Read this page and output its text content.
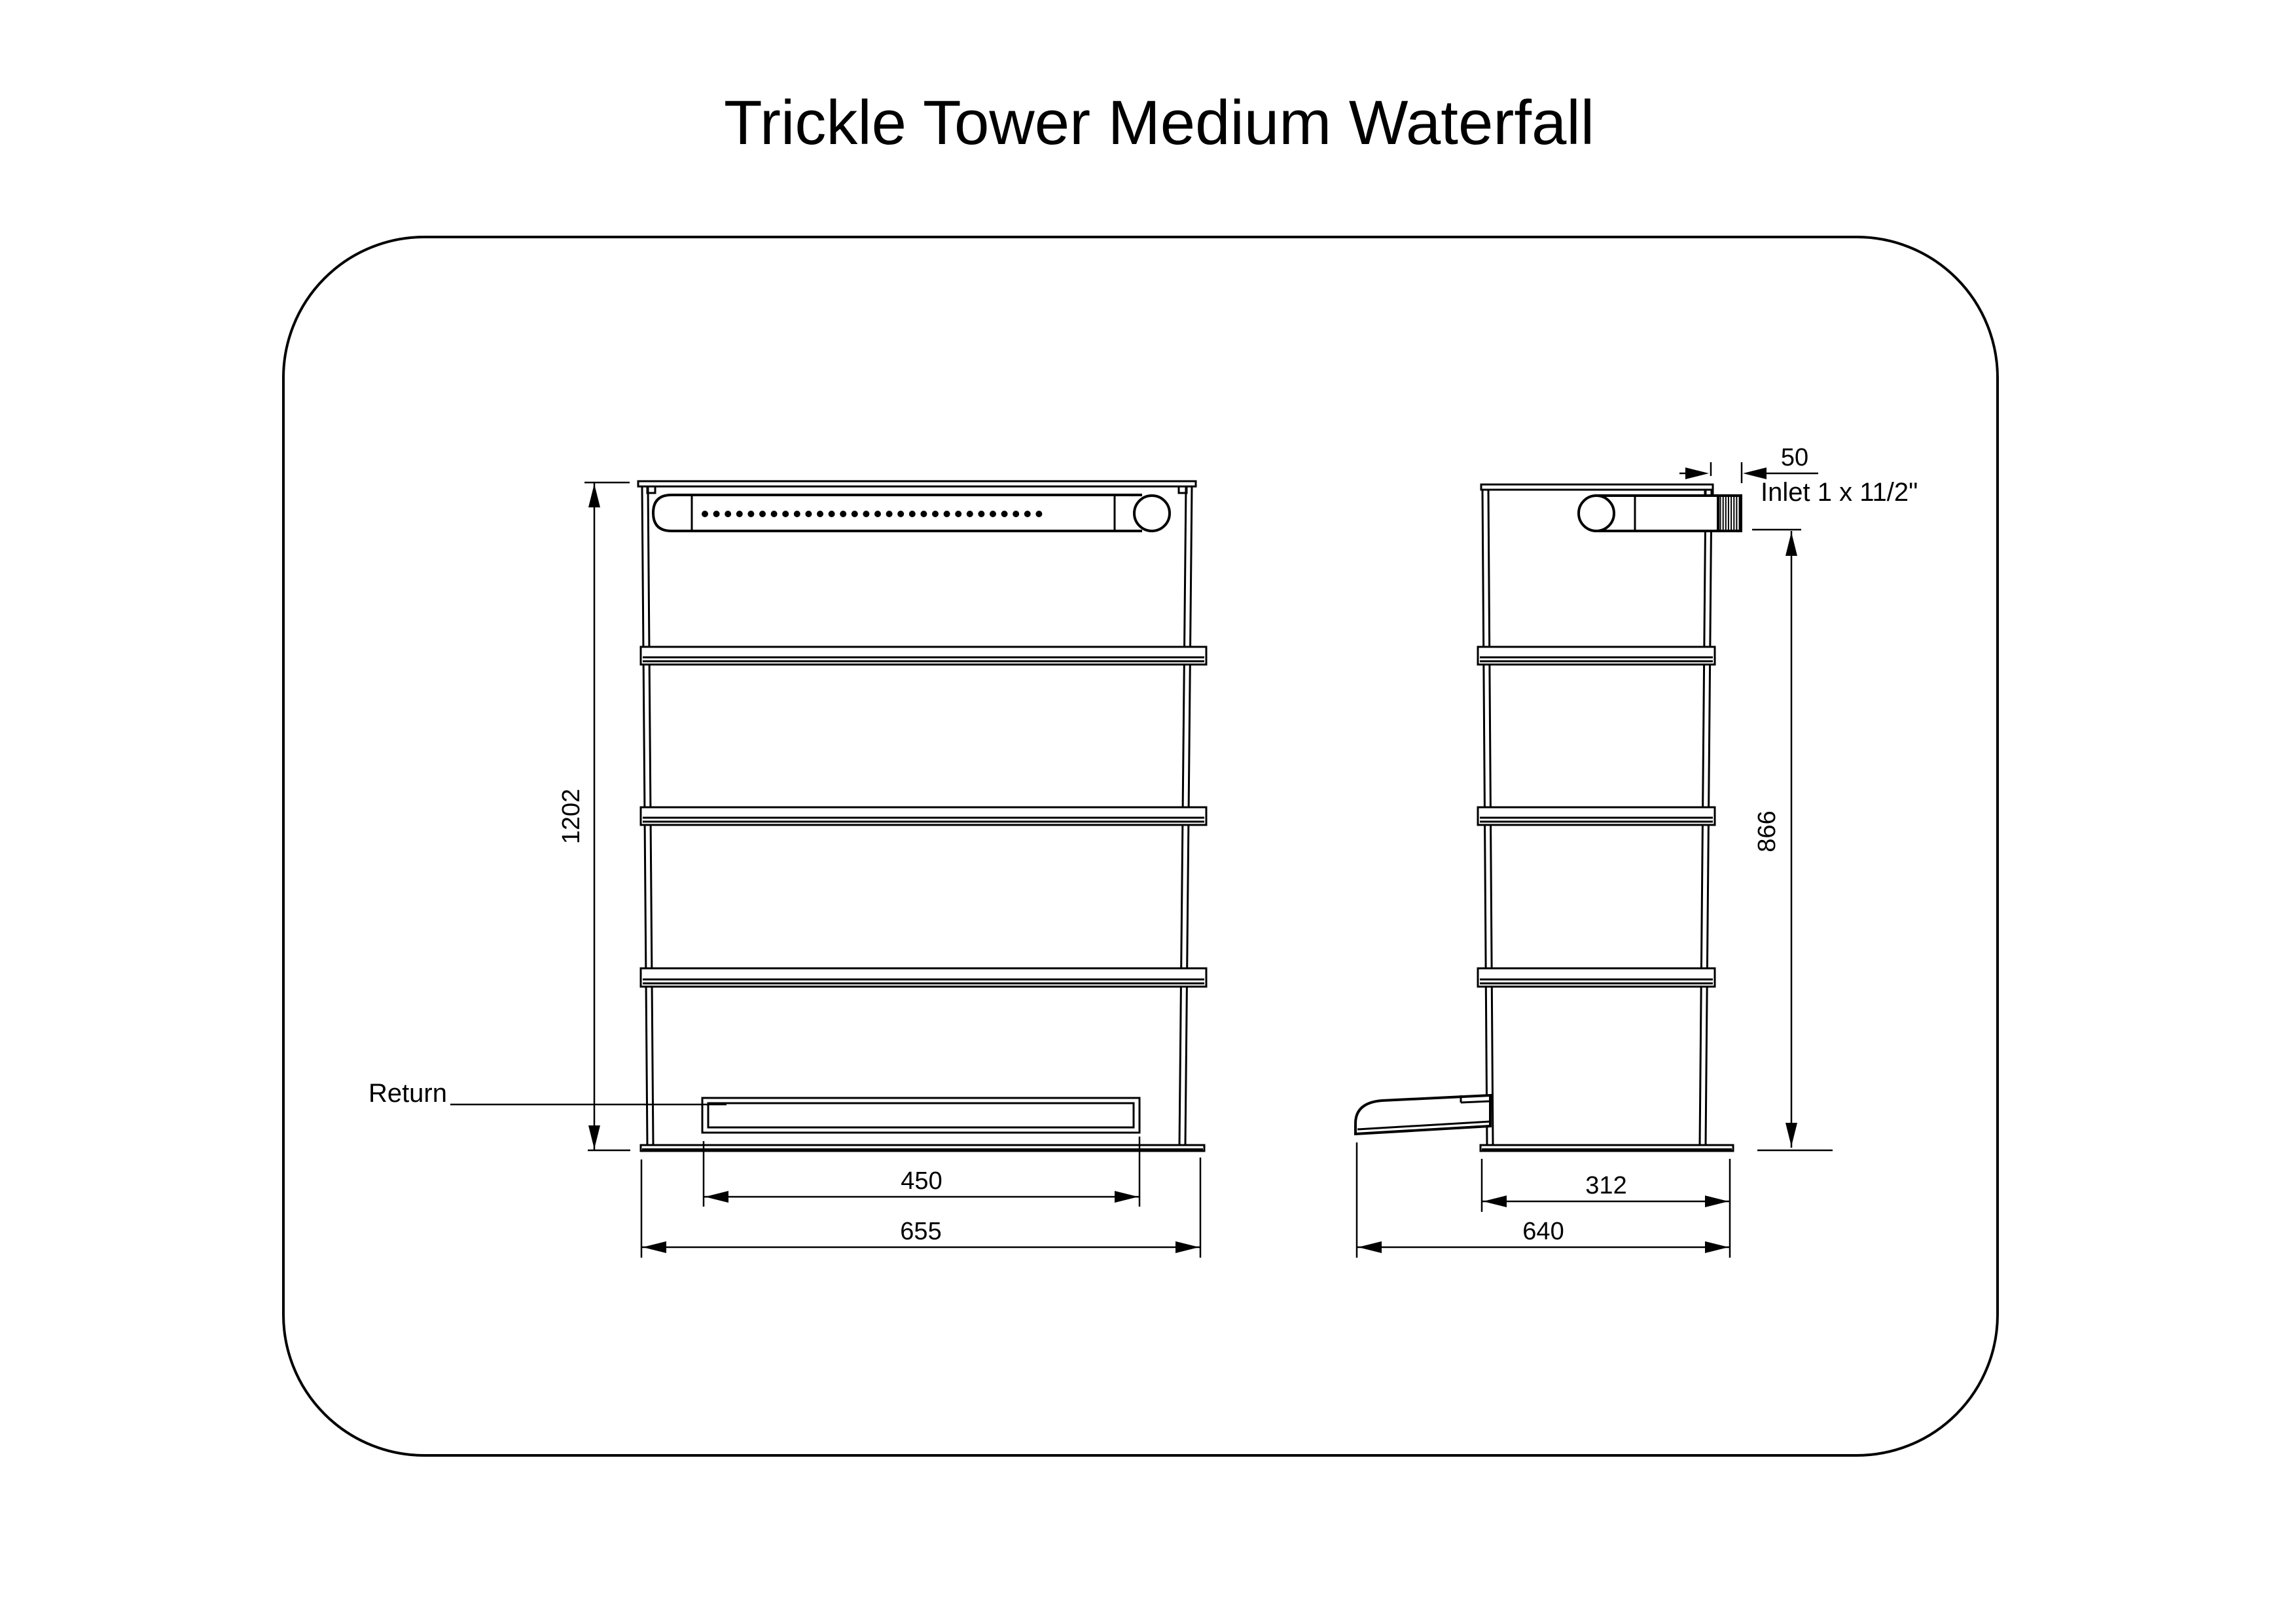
Trickle Tower Medium Waterfall
1202
450
655
50
866
312
640
Inlet 1 x 11/2"
Return
